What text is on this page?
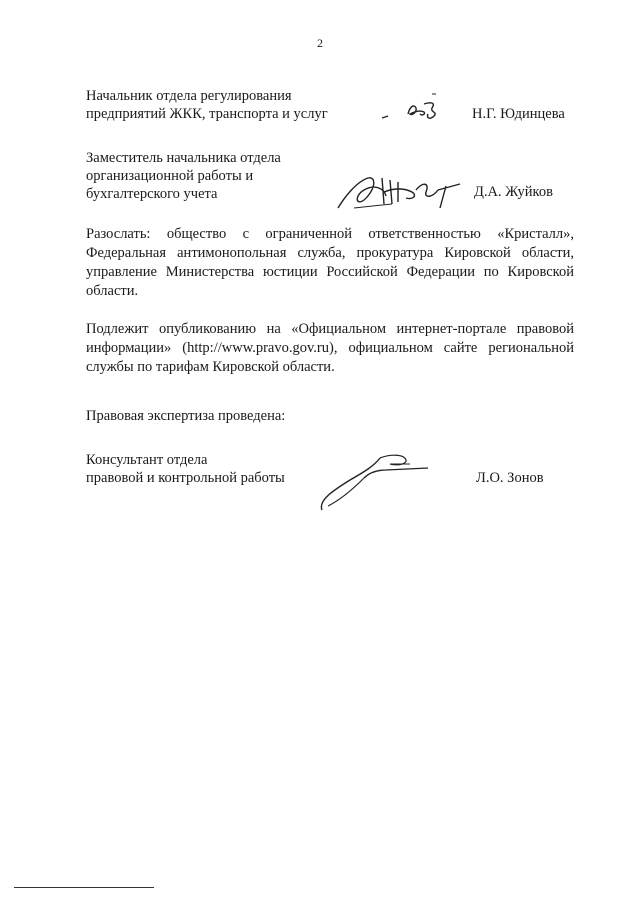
2
Начальник отдела регулирования
предприятий ЖКК, транспорта и услуг	Н.Г. Юдинцева
Заместитель начальника отдела
организационной работы и
бухгалтерского учета	Д.А. Жуйков
Разослать: общество с ограниченной ответственностью «Кристалл», Федеральная антимонопольная служба, прокуратура Кировской области, управление Министерства юстиции Российской Федерации по Кировской области.
Подлежит опубликованию на «Официальном интернет-портале правовой информации» (http://www.pravo.gov.ru), официальном сайте региональной службы по тарифам Кировской области.
Правовая экспертиза проведена:
Консультант отдела
правовой и контрольной работы	Л.О. Зонов
